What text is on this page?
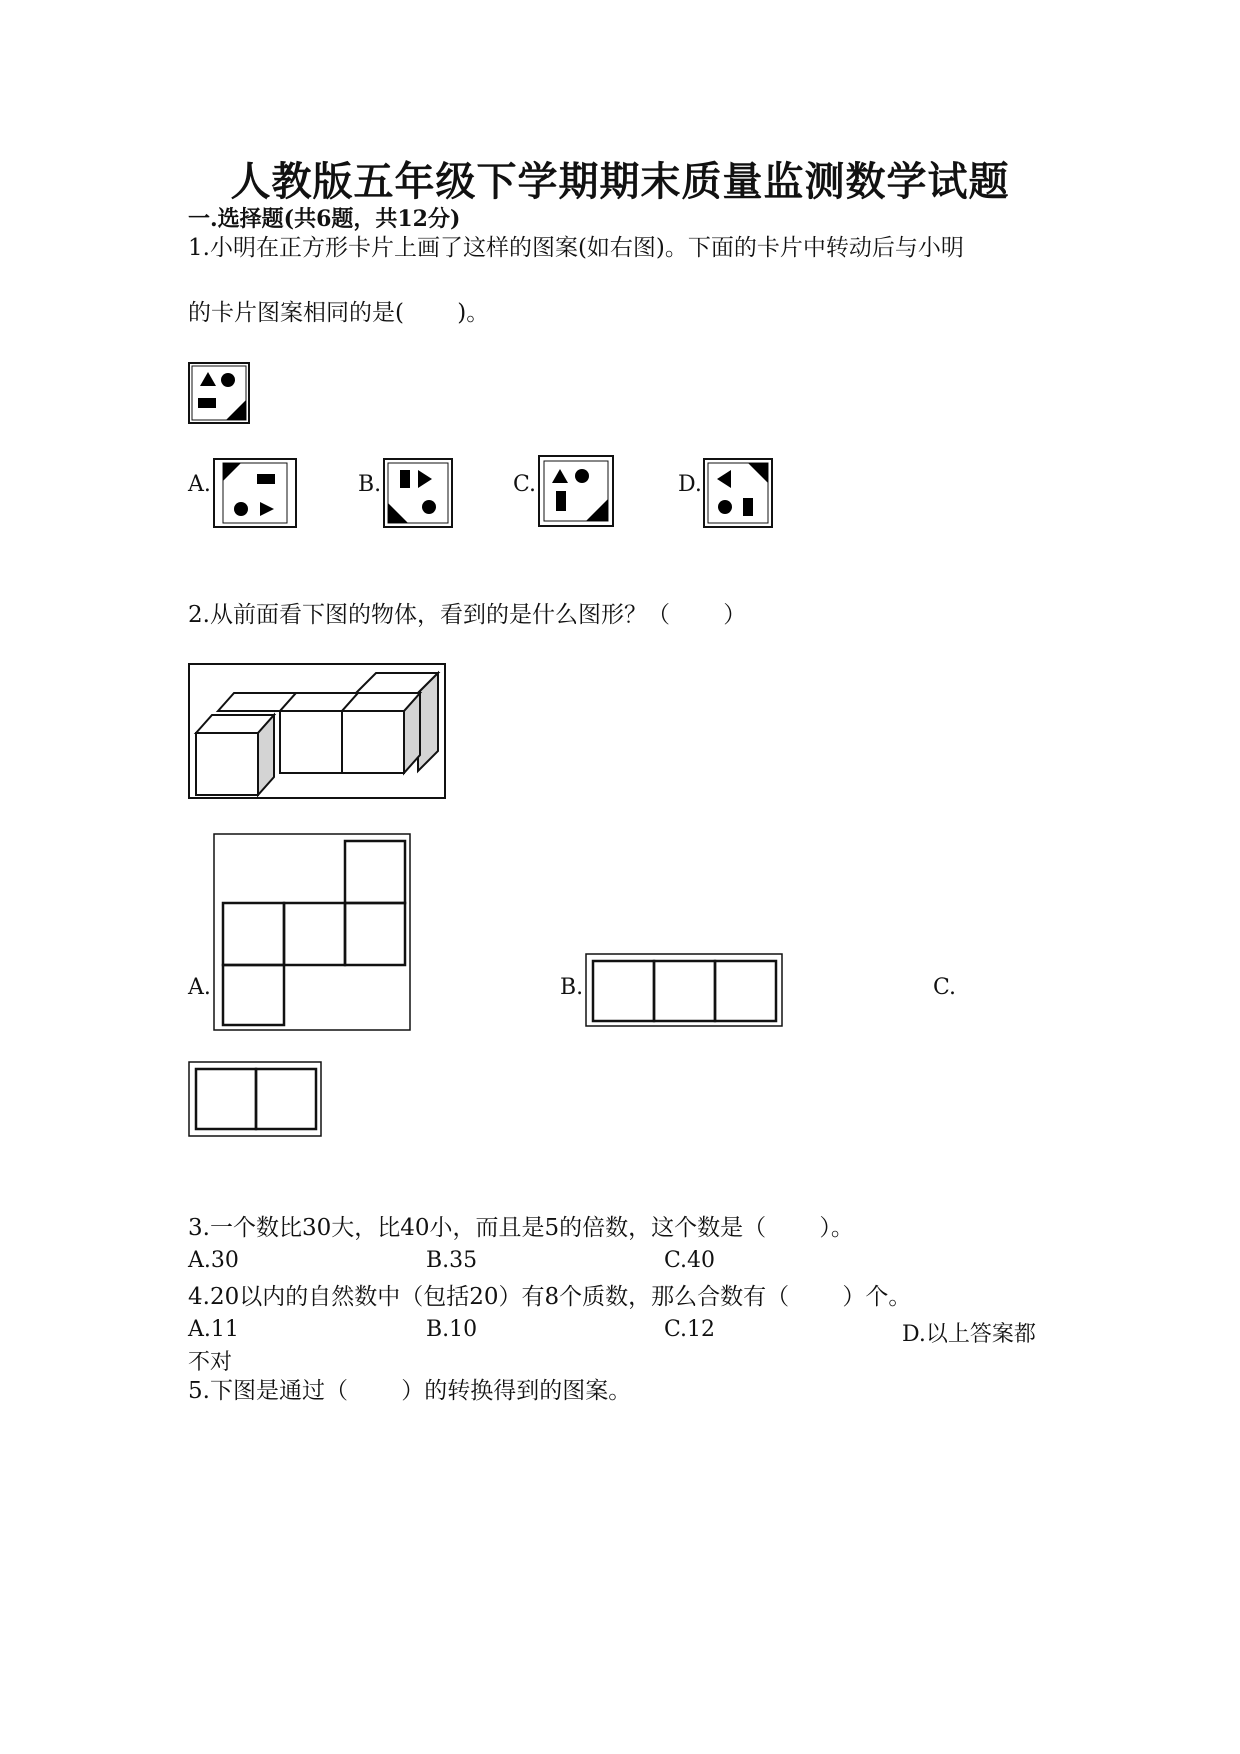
人教版五年级下学期期末质量监测数学试题
一.选择题(共6题，共12分)
1.小明在正方形卡片上画了这样的图案(如右图)。下面的卡片中转动后与小明
的卡片图案相同的是(　　 )。
A.	B.	C.	D.
2.从前面看下图的物体，看到的是什么图形？（　　 ）
A.	B.	C.
3.一个数比30大，比40小，而且是5的倍数，这个数是（　　 ）。
A.30	B.35	C.40
4.20以内的自然数中（包括20）有8个质数，那么合数有（　　 ）个。
A.11	B.10	C.12	D.以上答案都
不对
5.下图是通过（　　 ）的转换得到的图案。
